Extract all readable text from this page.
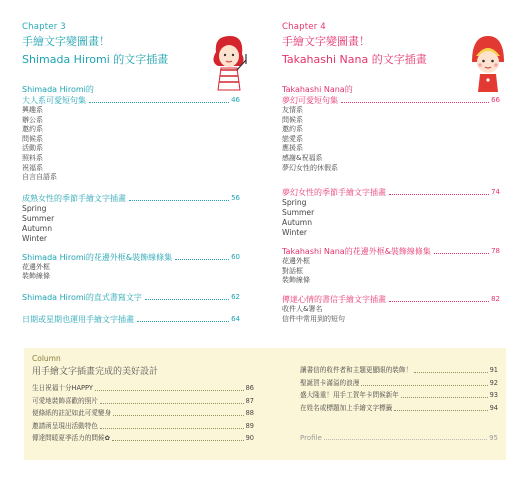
Chapter 3
手繪文字變圖畫！
Shimada Hiromi 的文字插畫
Shimada Hiromi的
大人系可愛短句集	46
興趣系
辦公系
邀約系
問候系
活動系
照料系
祝福系
自言自語系
成熟女性的季節手繪文字插畫	56
Spring
Summer
Autumn
Winter
Shimada Hiromi的花邊外框&裝飾線條集	60
花邊外框
裝飾線條
Shimada Hiromi的直式書寫文字	62
日期或星期也運用手繪文字插畫	64
Chapter 4
手繪文字變圖畫！
Takahashi Nana 的文字插畫
Takahashi Nana的
夢幻可愛短句集	66
友情系
問候系
邀約系
戀愛系
應援系
感謝&祝福系
夢幻女性的休假系
夢幻女性的季節手繪文字插畫	74
Spring
Summer
Autumn
Winter
Takahashi Nana的花邊外框&裝飾線條集	78
花邊外框
對話框
裝飾線條
傳達心情的書信手繪文字插畫	82
收件人&署名
信件中常用到的短句
Column
用手繪文字插畫完成的美好設計
生日祝福十分HAPPY	86
可愛地裝飾喜歡的照片	87
便條紙的註記如此可愛變身	88
邀請函呈現出活動特色	89
傳達問暖夏季活力的問候✿	90
讓書信的收件者和主題更顯眼的裝飾！	91
聖誕賀卡滿溢的浪漫	92
盛大隆重！用手工賀年卡問候新年	93
在姓名或標題加上手繪文字標籤	94
Profile	95
